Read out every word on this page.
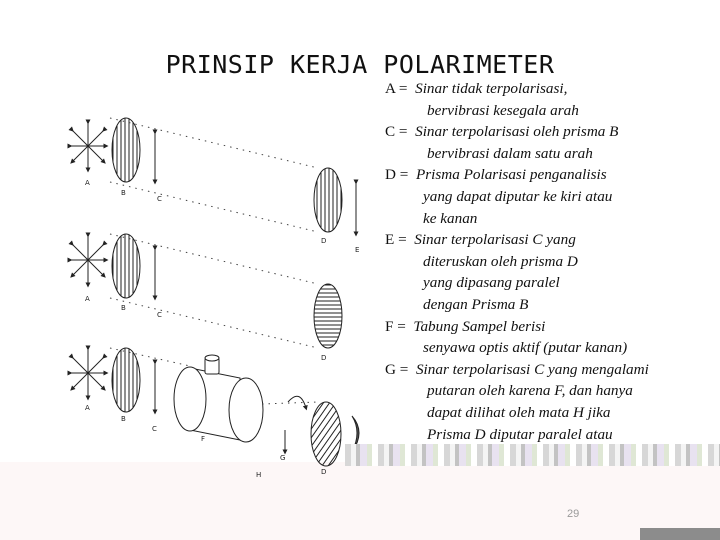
PRINSIP KERJA POLARIMETER

A = Sinar tidak terpolarisasi,

bervibrasi kesegala arah

C = Sinar terpolarisasi oleh prisma B

bervibrasi dalam satu arah

D = Prisma Polarisasi penganalisis

yang dapat diputar ke kiri atau

ke kanan

E = Sinar terpolarisasi C yang

diteruskan oleh prisma D

yang dipasang paralel

dengan Prisma B

F = Tabung Sampel berisi

senyawa optis aktif (putar kanan)

G = Sinar terpolarisasi C yang mengalami

putaran oleh karena F, dan hanya

dapat dilihat oleh mata H jika

Prisma D diputar paralel atau

A
B
C
D
E
A
B
C
D
A
B
C
F
G
D
H
29
